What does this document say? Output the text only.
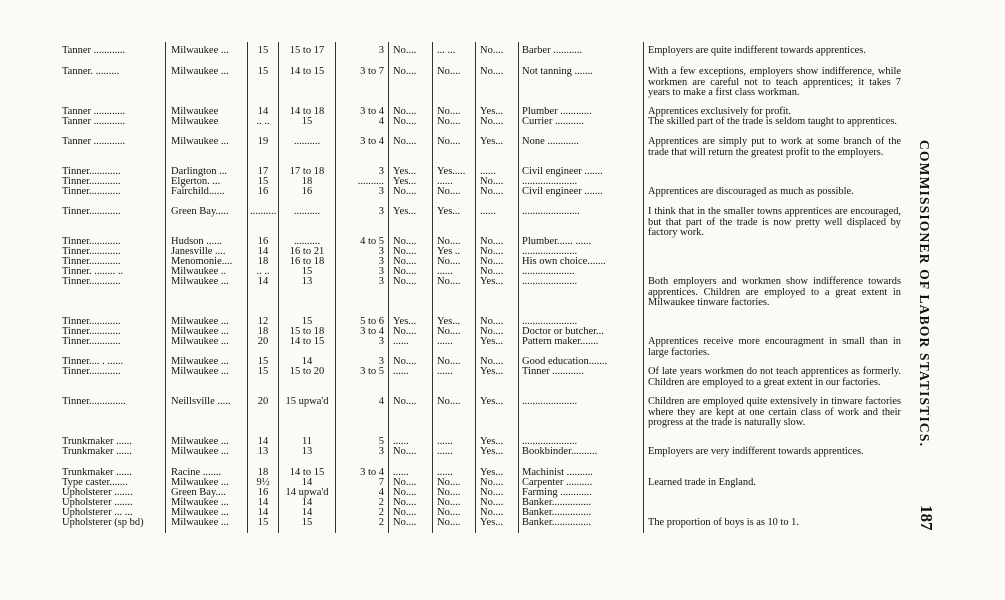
Tanner ............	Milwaukee ...	15	15 to 17	3 No....	... ...	No....	Barber ...........	Employers are quite indifferent towards apprentices.
Tanner. .........	Milwaukee ...	15	14 to 15	3 to 7 No....	No....	No....	Not tanning .......	With a few exceptions, employers show indifference, while workmen are careful not to teach apprentices; it takes 7 years to make a first class workman.
Tanner ............	Milwaukee	14	14 to 18	3 to 4 No....	No....	Yes...	Plumber ............	Apprentices exclusively for profit.
Tanner ............	Milwaukee	.. ..	15	4 No....	No....	No....	Currier ...........	The skilled part of the trade is seldom taught to apprentices.
Tanner ............	Milwaukee ...	19	..........	3 to 4 No....	No....	Yes...	None ............	Apprentices are simply put to work at some branch of the trade that will return the greatest profit to the employers.
Tinner............	Darlington ...	17	17 to 18	3 Yes...	Yes.....	......	Civil engineer .......
Tinner............	Elgerton. ...	15	18	.......... Yes...	......	No....	.....................
Tinner............	Fairchild......	16	16	3 No....	No....	No....	Civil engineer .......	Apprentices are discouraged as much as possible.
Tinner............	Green Bay.....	..........	..........	3 Yes...	Yes...	......	......................	I think that in the smaller towns apprentices are encouraged, but that part of the trade is now pretty well displaced by factory work.
Tinner............	Hudson ......	16	..........	4 to 5 No....	No....	No....	Plumber...... ......
Tinner............	Janesville ....	14	16 to 21	3 No....	Yes ..	No....	.....................
Tinner............	Menomonie....	18	16 to 18	3 No....	No....	No....	His own choice.......
Tinner. ........ ..	Milwaukee ..	.. ..	15	3 No....	......	No....	....................
Tinner............	Milwaukee ...	14	13	3 No....	No....	Yes...	.....................	Both employers and workmen show indifference towards apprentices. Children are employed to a great extent in Milwaukee tinware factories.
Tinner............	Milwaukee ...	12	15	5 to 6 Yes...	Yes...	No....	.....................
Tinner............	Milwaukee ...	18	15 to 18	3 to 4 No....	No....	No....	Doctor or butcher...
Tinner............	Milwaukee ...	20	14 to 15	3 ......	......	Yes...	Pattern maker.......	Apprentices receive more encouragment in small than in large factories.
Tinner.... . ......	Milwaukee ...	15	14	3 No....	No....	No....	Good education.......
Tinner............	Milwaukee ...	15	15 to 20	3 to 5 ......	......	Yes...	Tinner ............	Of late years workmen do not teach apprentices as formerly. Children are employed to a great extent in our factories.
Tinner..............	Neillsville .....	20	15 upwa'd	4 No....	No....	Yes...	.....................	Children are employed quite extensively in tinware factories where they are kept at one certain class of work and their progress at the trade is naturally slow.
Trunkmaker ......	Milwaukee ...	14	11	5 ......	......	Yes...	.....................
Trunkmaker ......	Milwaukee ...	13	13	3 No....	......	Yes...	Bookbinder..........	Employers are very indifferent towards apprentices.
Trunkmaker ......	Racine .......	18	14 to 15	3 to 4 ......	......	Yes...	Machinist ..........
Type caster.......	Milwaukee ...	9½	14	7 No....	No....	No....	Carpenter ..........	Learned trade in England.
Upholsterer .......	Green Bay....	16	14 upwa'd	4 No....	No....	No....	Farming ............
Upholsterer .......	Milwaukee ...	14	14	2 No....	No....	No....	Banker...............
Upholsterer ... ...	Milwaukee ...	14	14	2 No....	No....	No....	Banker...............
Upholsterer (sp bd)	Milwaukee ...	15	15	2 No....	No....	Yes...	Banker...............	The proportion of boys is as 10 to 1.
COMMISSIONER OF LABOR STATISTICS.
187
